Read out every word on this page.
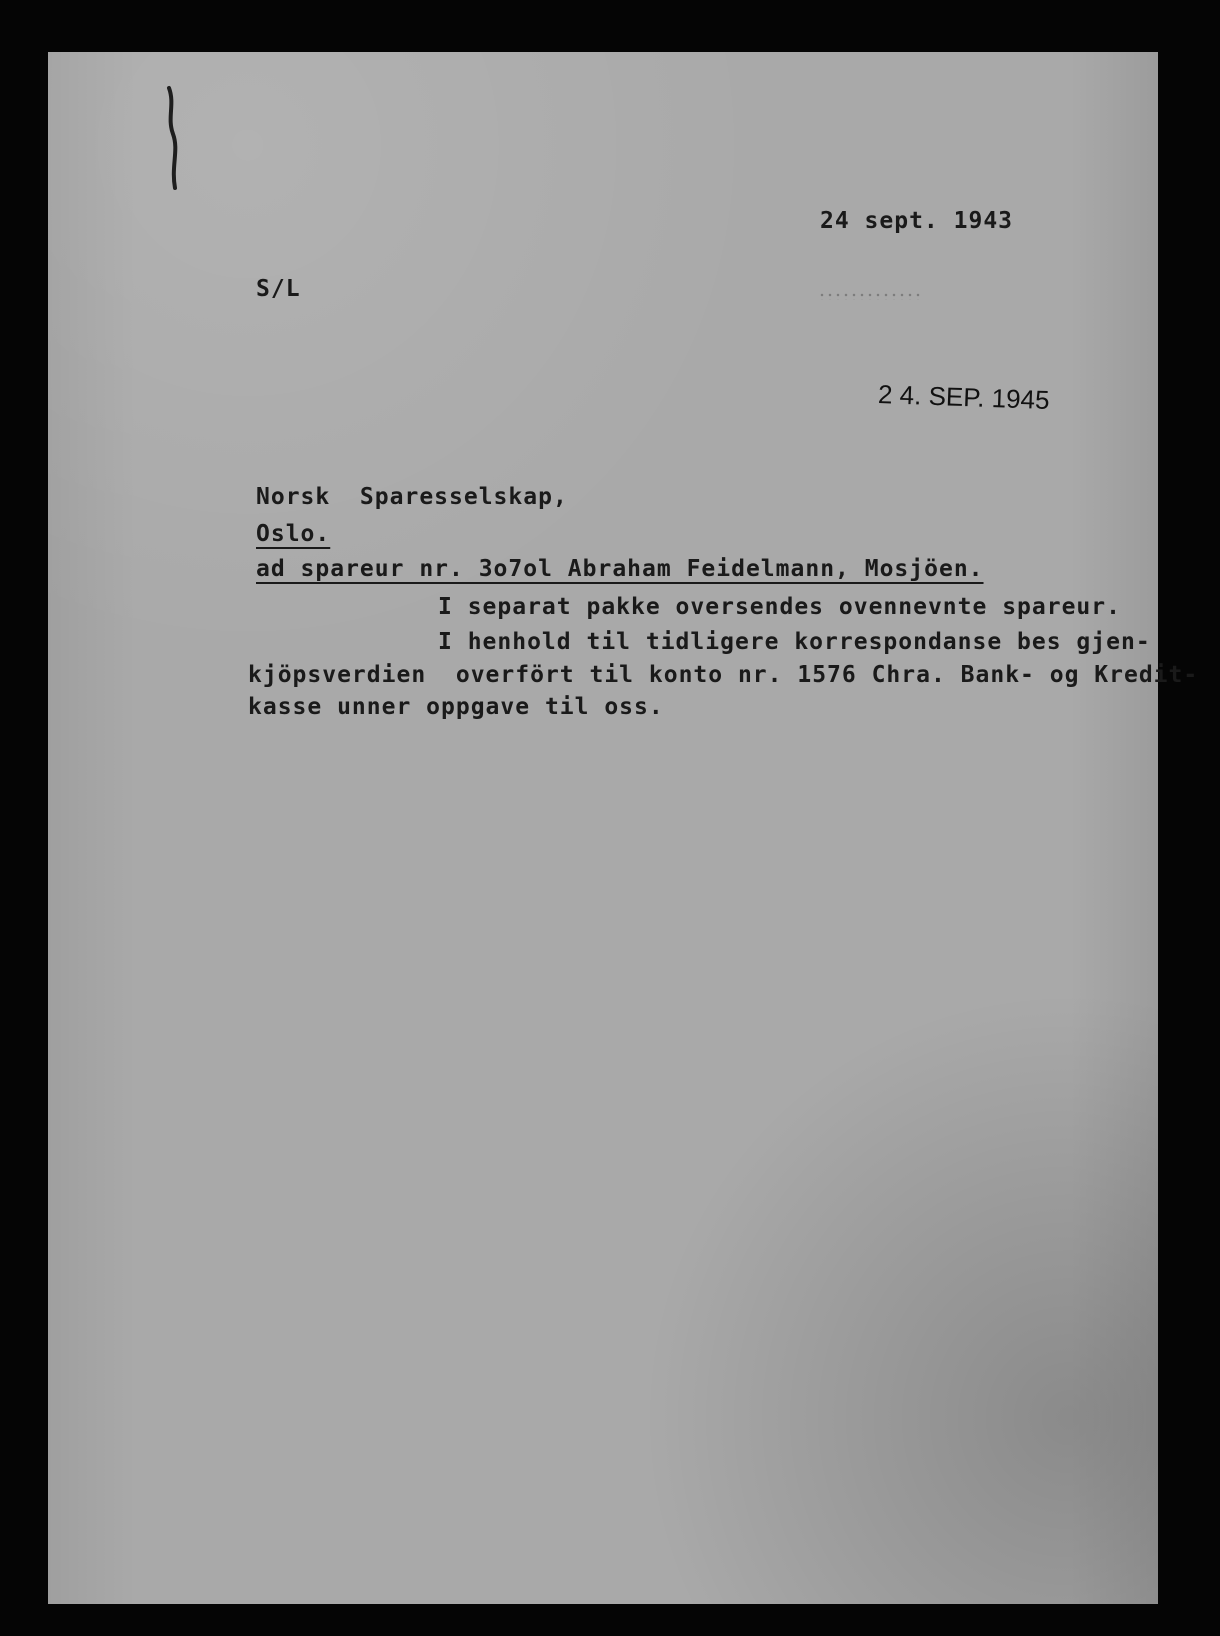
24 sept. 1943
S/L
2 4. SEP. 1945
Norsk  Sparesselskap,
Oslo.
ad spareur nr. 3o7ol Abraham Feidelmann, Mosjöen.
I separat pakke oversendes ovennevnte spareur.
I henhold til tidligere korrespondanse bes gjen-
kjöpsverdien  overfört til konto nr. 1576 Chra. Bank- og Kredit-
kasse unner oppgave til oss.
